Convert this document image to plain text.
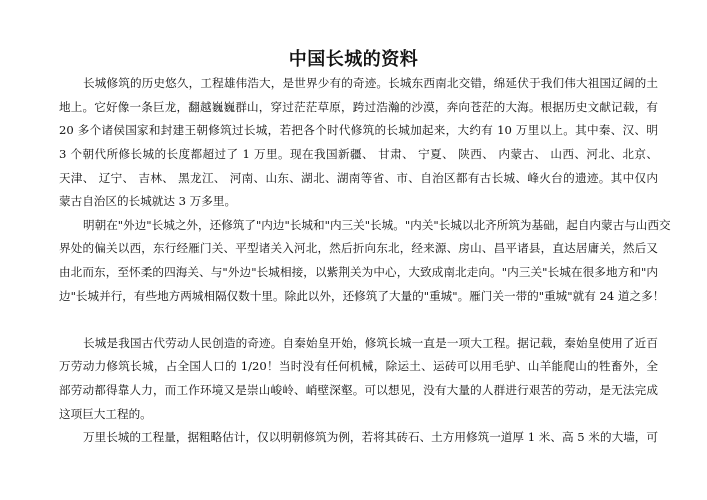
中国长城的资料
长城修筑的历史悠久，工程雄伟浩大，是世界少有的奇迹。长城东西南北交错，绵延伏于我们伟大祖国辽阔的土
地上。它好像一条巨龙，翻越巍巍群山，穿过茫茫草原，跨过浩瀚的沙漠，奔向苍茫的大海。根据历史文献记载，有
20 多个诸侯国家和封建王朝修筑过长城，若把各个时代修筑的长城加起来，大约有 10 万里以上。其中秦、汉、明
3 个朝代所修长城的长度都超过了 1 万里。现在我国新疆、 甘肃、 宁夏、 陕西、 内蒙古、 山西、河北、北京、
天津、 辽宁、 吉林、 黑龙江、 河南、山东、湖北、湖南等省、市、自治区都有古长城、峰火台的遗迹。其中仅内
蒙古自治区的长城就达 3 万多里。
明朝在"外边"长城之外，还修筑了"内边"长城和"内三关"长城。"内关"长城以北齐所筑为基础，起自内蒙古与山西交
界处的偏关以西，东行经雁门关、平型诸关入河北，然后折向东北，经来源、房山、昌平诸县，直达居庸关，然后又
由北而东，至怀柔的四海关、与"外边"长城相接，以紫荆关为中心，大致成南北走向。"内三关"长城在很多地方和"内
边"长城并行，有些地方两城相隔仅数十里。除此以外，还修筑了大量的"重城"。雁门关一带的"重城"就有 24 道之多！
长城是我国古代劳动人民创造的奇迹。自秦始皇开始，修筑长城一直是一项大工程。据记载，秦始皇使用了近百
万劳动力修筑长城，占全国人口的 1/20！当时没有任何机械，除运土、运砖可以用毛驴、山羊能爬山的牲畜外，全
部劳动都得靠人力，而工作环境又是崇山峻岭、峭壁深壑。可以想见，没有大量的人群进行艰苦的劳动，是无法完成
这项巨大工程的。
万里长城的工程量，据粗略估计，仅以明朝修筑为例，若将其砖石、土方用修筑一道厚 1 米、高 5 米的大墙，可
